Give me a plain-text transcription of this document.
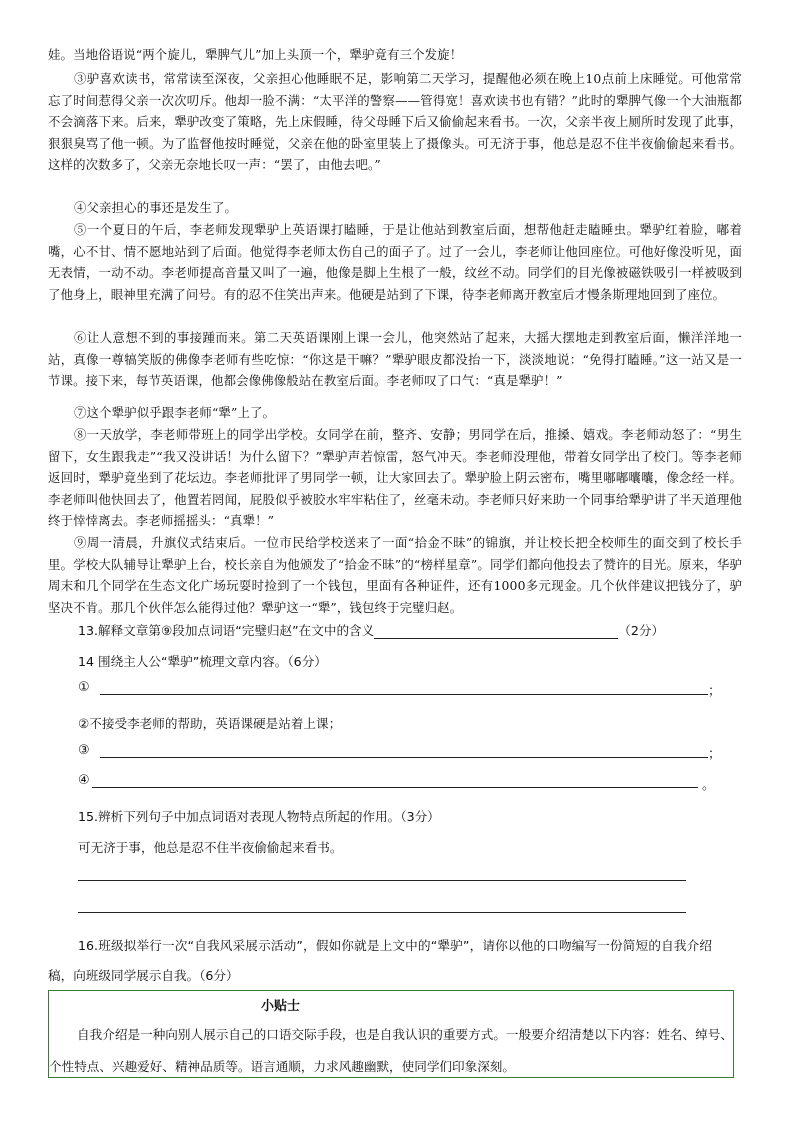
娃。当地俗语说“两个旋儿，犟脾气儿”加上头顶一个，犟驴竟有三个发旋！
③驴喜欢读书，常常读至深夜，父亲担心他睡眠不足，影响第二天学习，提醒他必须在晚上10点前上床睡觉。可他常常忘了时间惹得父亲一次次叨斥。他却一脸不满：“太平洋的警察——管得宽！喜欢读书也有错？”此时的犟脾气像一个大油瓶都不会滴落下来。后来，犟驴改变了策略，先上床假睡，待父母睡下后又偷偷起来看书。一次，父亲半夜上厕所时发现了此事，狠狠臭骂了他一顿。为了监督他按时睡觉，父亲在他的卧室里装上了摄像头。可无济于事，他总是忍不住半夜偷偷起来看书。这样的次数多了，父亲无奈地长叹一声：“罢了，由他去吧。”
④父亲担心的事还是发生了。
⑤一个夏日的午后，李老师发现犟驴上英语课打瞌睡，于是让他站到教室后面，想帮他赶走瞌睡虫。犟驴红着脸，嘟着嘴，心不甘、情不愿地站到了后面。他觉得李老师太伤自己的面子了。过了一会儿，李老师让他回座位。可他好像没听见，面无表情，一动不动。李老师提高音量又叫了一遍，他像是脚上生根了一般，纹丝不动。同学们的目光像被磁铁吸引一样被吸到了他身上，眼神里充满了问号。有的忍不住笑出声来。他硬是站到了下课，待李老师离开教室后才慢条斯理地回到了座位。
⑥让人意想不到的事接踵而来。第二天英语课刚上课一会儿，他突然站了起来，大摇大摆地走到教室后面，懒洋洋地一站，真像一尊犒笑版的佛像李老师有些吃惊：“你这是干嘛？”犟驴眼皮都没抬一下，淡淡地说：“免得打瞌睡。”这一站又是一节课。接下来，每节英语课，他都会像佛像般站在教室后面。李老师叹了口气：“真是犟驴！”
⑦这个犟驴似乎跟李老师“犟”上了。
⑧一天放学，李老师带班上的同学出学校。女同学在前，整齐、安静；男同学在后，推搡、嬉戏。李老师动怒了：“男生留下，女生跟我走”“我又没讲话！为什么留下？”犟驴声若惊雷，怒气冲天。李老师没理他，带着女同学出了校门。等李老师返回时，犟驴竟坐到了花坛边。李老师批评了男同学一顿，让大家回去了。犟驴脸上阴云密布，嘴里嘟嘟囔囔，像念经一样。李老师叫他快回去了，他置若罔闻，屁股似乎被胶水牢牢粘住了，丝毫未动。李老师只好来助一个同事给犟驴讲了半天道理他终于悻悻离去。李老师摇摇头：“真犟！”
⑨周一清晨，升旗仪式结束后。一位市民给学校送来了一面“拾金不昧”的锦旗，并让校长把全校师生的面交到了校长手里。学校大队辅导让犟驴上台，校长亲自为他颁发了“拾金不昧”的“榜样星章”。同学们都向他投去了赞许的目光。原来，华驴周末和几个同学在生态文化广场玩耍时捡到了一个钱包，里面有各种证件，还有1000多元现金。几个伙伴建议把钱分了，驴坚决不肯。那几个伙伴怎么能得过他？犟驴这一“犟”，钱包终于完璧归赵。
13.解释文章第⑨段加点词语“完璧归赵”在文中的含义	（2分）
14 围绕主人公“犟驴”梳理文章内容。（6分）
①	；
②不接受李老师的帮助，英语课硬是站着上课；
③	；
④	。
15.辨析下列句子中加点词语对表现人物特点所起的作用。（3分）
可无济于事，他总是忍不住半夜偷偷起来看书。
16.班级拟举行一次“自我风采展示活动”，假如你就是上文中的“犟驴”，请你以他的口吻编写一份简短的自我介绍稿，向班级同学展示自我。（6分）
小贴士
自我介绍是一种向别人展示自己的口语交际手段，也是自我认识的重要方式。一般要介绍清楚以下内容：姓名、绰号、个性特点、兴趣爱好、精神品质等。语言通顺，力求风趣幽默，使同学们印象深刻。
